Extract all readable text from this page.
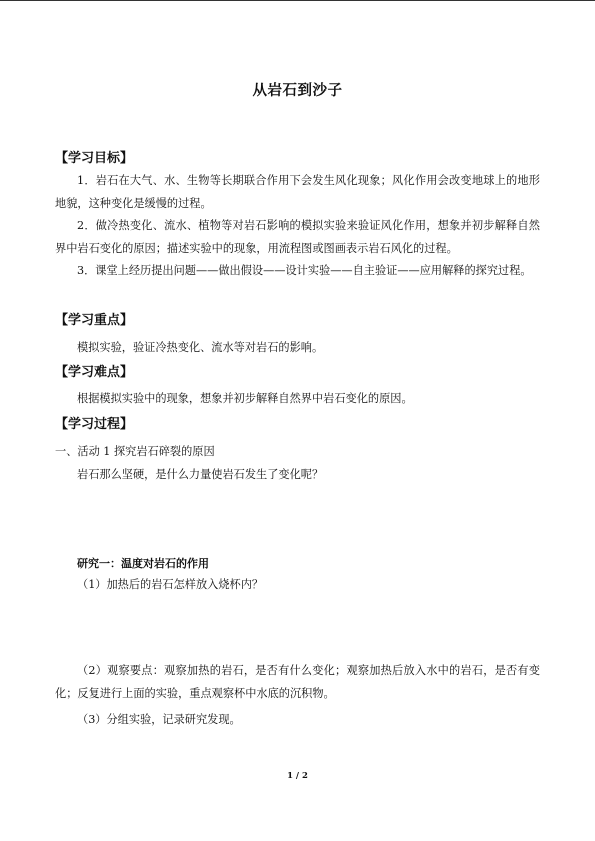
从岩石到沙子
【学习目标】
1．岩石在大气、水、生物等长期联合作用下会发生风化现象；风化作用会改变地球上的地形地貌，这种变化是缓慢的过程。
2．做冷热变化、流水、植物等对岩石影响的模拟实验来验证风化作用，想象并初步解释自然界中岩石变化的原因；描述实验中的现象，用流程图或图画表示岩石风化的过程。
3．课堂上经历提出问题——做出假设——设计实验——自主验证——应用解释的探究过程。
【学习重点】
模拟实验，验证冷热变化、流水等对岩石的影响。
【学习难点】
根据模拟实验中的现象，想象并初步解释自然界中岩石变化的原因。
【学习过程】
一、活动 1 探究岩石碎裂的原因
岩石那么坚硬，是什么力量使岩石发生了变化呢？
研究一：温度对岩石的作用
（1）加热后的岩石怎样放入烧杯内？
（2）观察要点：观察加热的岩石，是否有什么变化；观察加热后放入水中的岩石，是否有变化；反复进行上面的实验，重点观察杯中水底的沉积物。
（3）分组实验，记录研究发现。
1 / 2
